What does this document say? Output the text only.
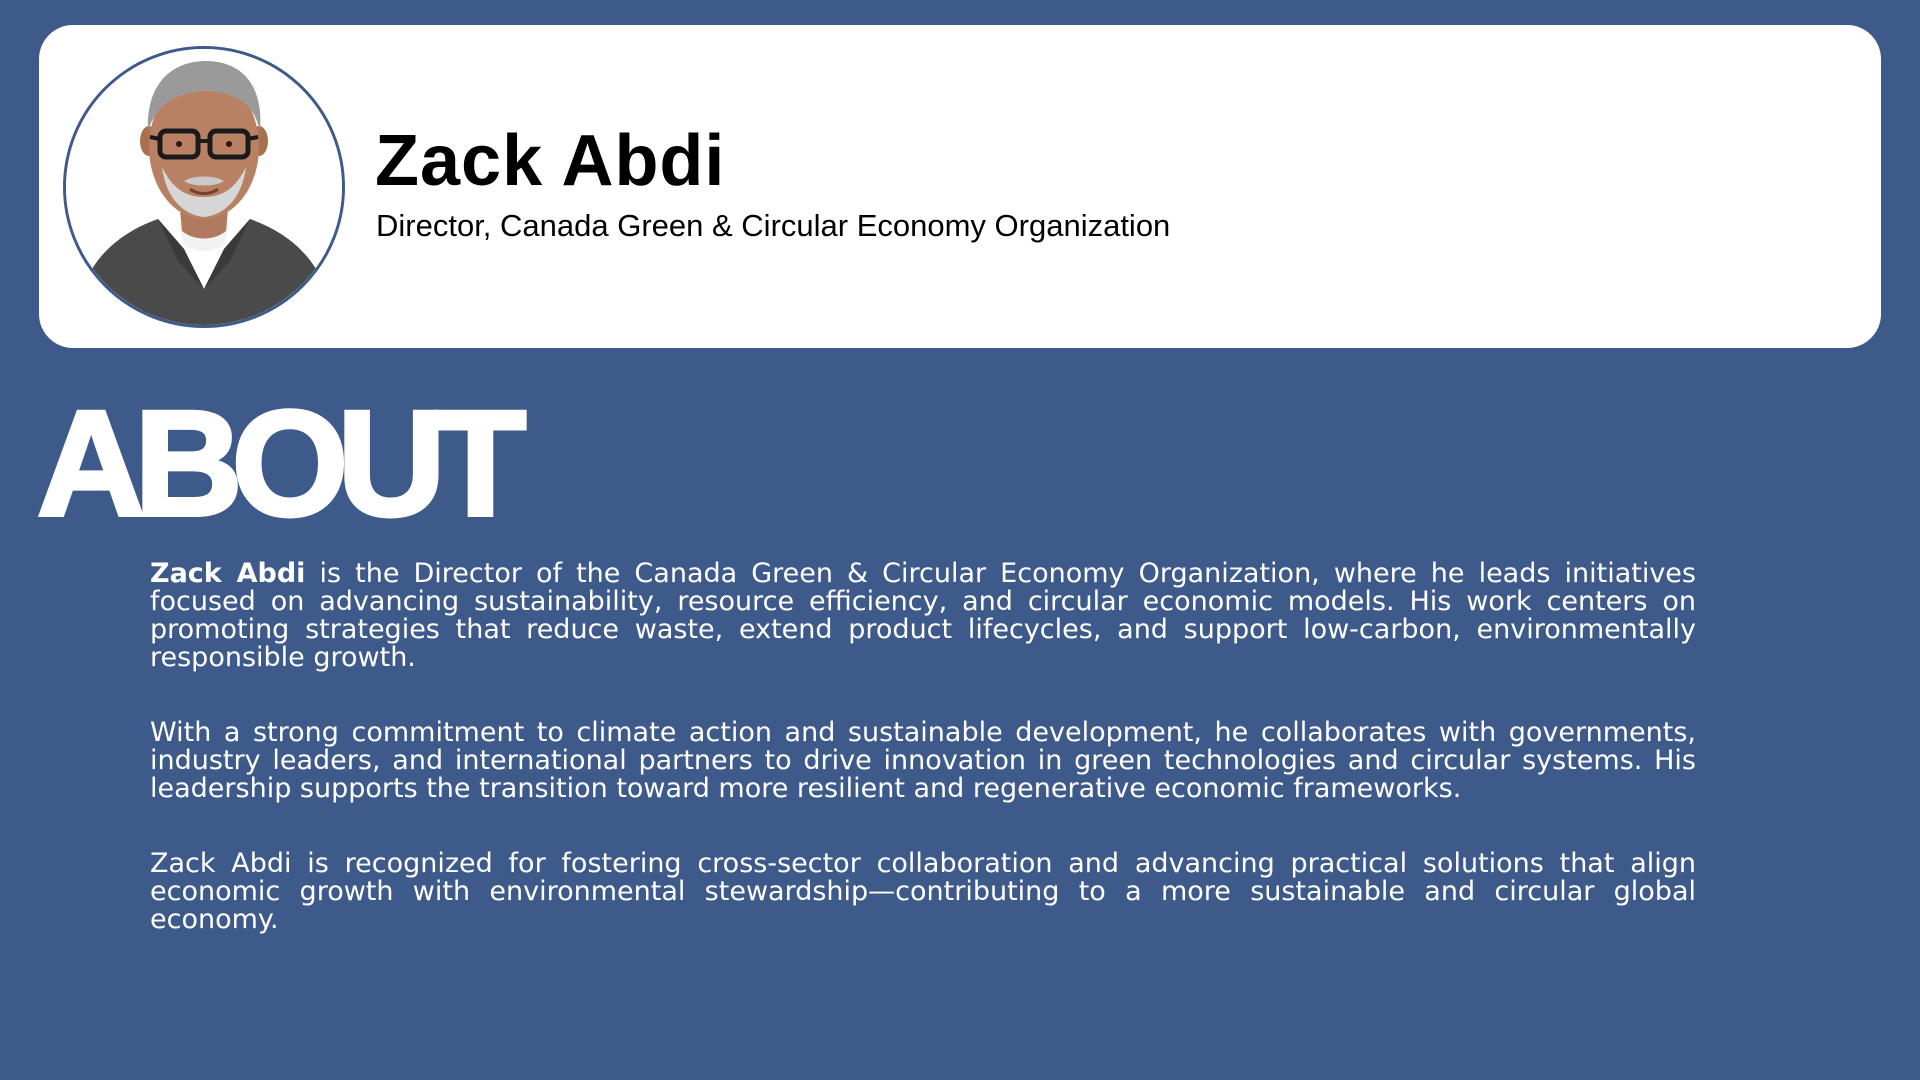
Zack Abdi

Director, Canada Green & Circular Economy Organization

ABOUT

Zack Abdi is the Director of the Canada Green & Circular Economy Organization, where he leads initiatives focused on advancing sustainability, resource efficiency, and circular economic models. His work centers on promoting strategies that reduce waste, extend product lifecycles, and support low-carbon, environmentally responsible growth.

With a strong commitment to climate action and sustainable development, he collaborates with governments, industry leaders, and international partners to drive innovation in green technologies and circular systems. His leadership supports the transition toward more resilient and regenerative economic frameworks.

Zack Abdi is recognized for fostering cross-sector collaboration and advancing practical solutions that align economic growth with environmental stewardship—contributing to a more sustainable and circular global economy.
